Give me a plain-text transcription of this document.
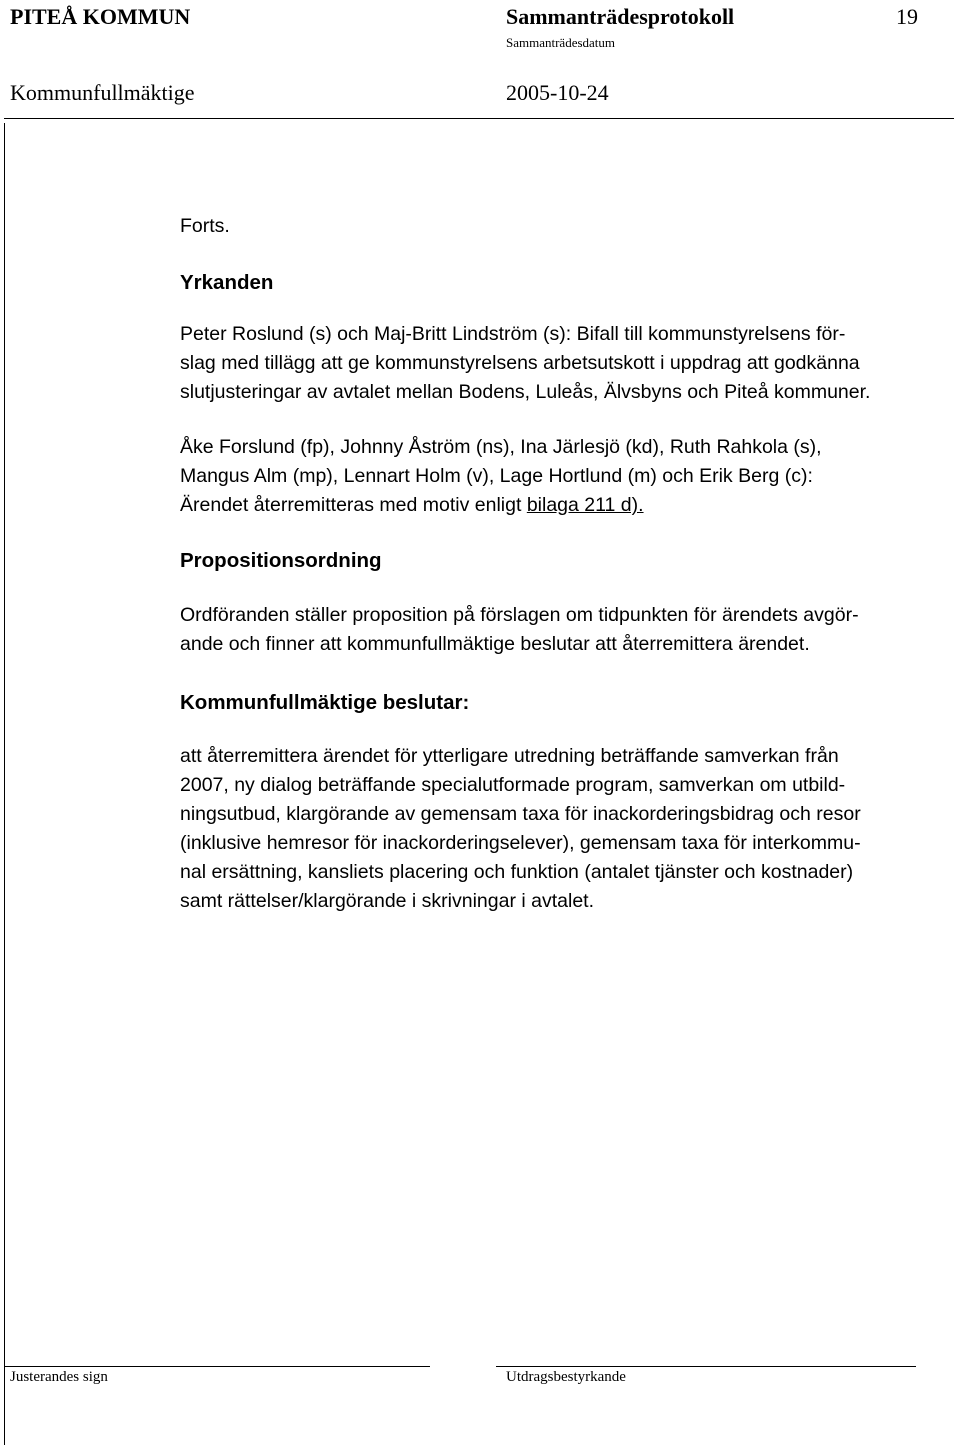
PITEÅ KOMMUN	Sammanträdesprotokoll	19
Sammanträdesdatum
Kommunfullmäktige	2005-10-24
Forts.
Yrkanden

Peter Roslund (s) och Maj-Britt Lindström (s): Bifall till kommunstyrelsens för-
slag med tillägg att ge kommunstyrelsens arbetsutskott i uppdrag att godkänna
slutjusteringar av avtalet mellan Bodens, Luleås, Älvsbyns och Piteå kommuner.

Åke Forslund (fp), Johnny Åström (ns), Ina Järlesjö (kd), Ruth Rahkola (s),
Mangus Alm (mp), Lennart Holm (v), Lage Hortlund (m) och Erik Berg (c):
Ärendet återremitteras med motiv enligt bilaga 211 d).

Propositionsordning

Ordföranden ställer proposition på förslagen om tidpunkten för ärendets avgör-
ande och finner att kommunfullmäktige beslutar att återremittera ärendet.

Kommunfullmäktige beslutar:

att återremittera ärendet för ytterligare utredning beträffande samverkan från
2007, ny dialog beträffande specialutformade program, samverkan om utbild-
ningsutbud, klargörande av gemensam taxa för inackorderingsbidrag och resor
(inklusive hemresor för inackorderingselever), gemensam taxa för interkommu-
nal ersättning, kansliets placering och funktion (antalet tjänster och kostnader)
samt rättelser/klargörande i skrivningar i avtalet.

Justerandes sign	Utdragsbestyrkande
